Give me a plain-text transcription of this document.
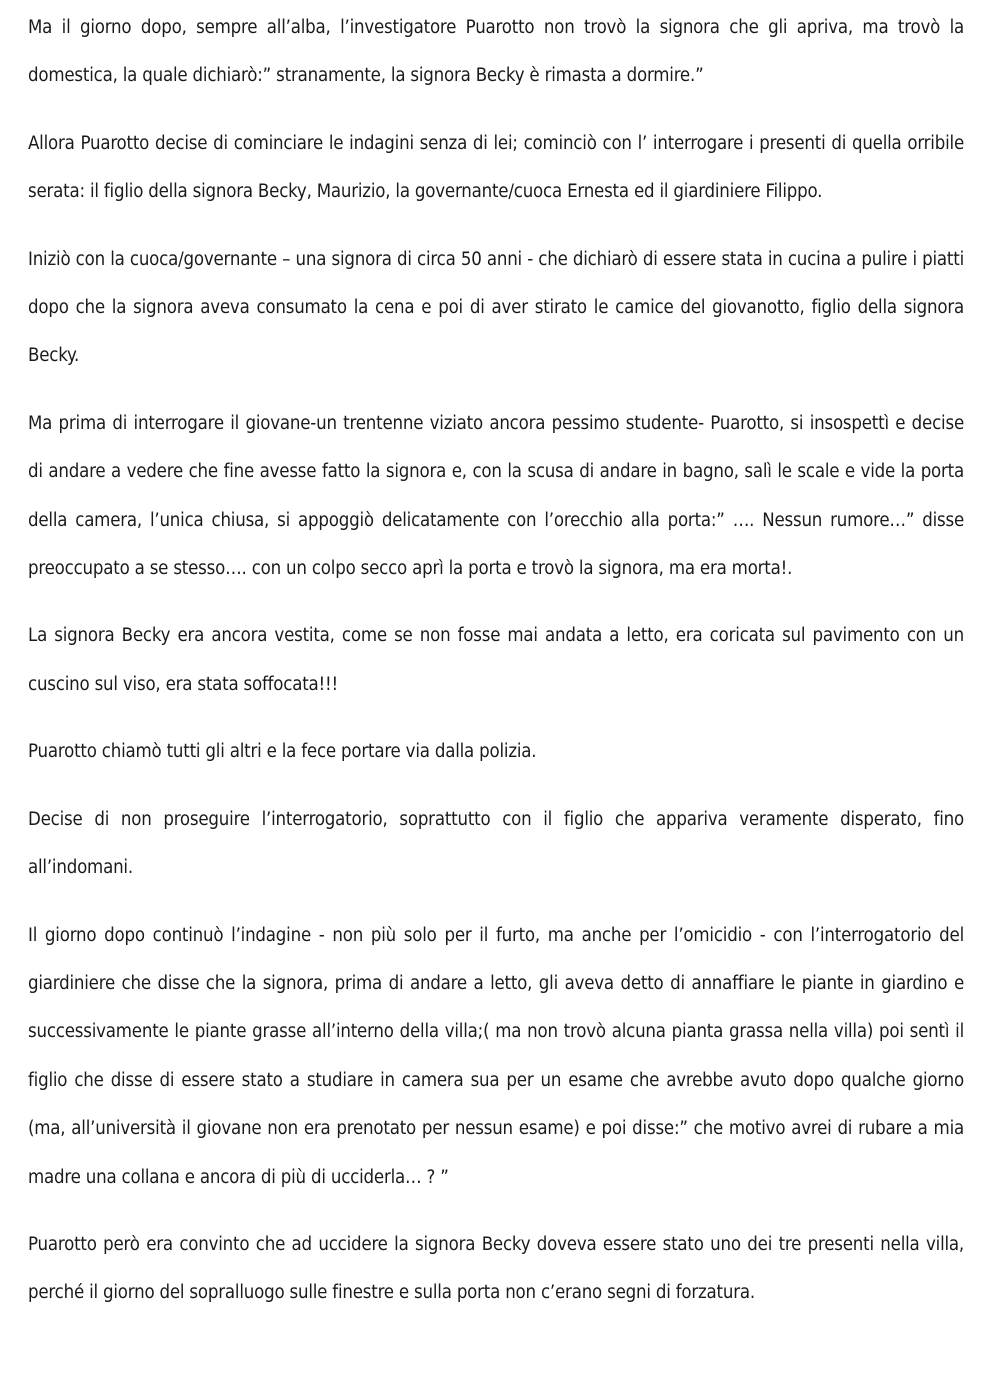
Ma il giorno dopo, sempre all’alba, l’investigatore Puarotto non trovò la signora che gli apriva, ma trovò la domestica, la quale dichiarò:” stranamente, la signora Becky è rimasta a dormire.”

Allora Puarotto decise di cominciare le indagini senza di lei; cominciò con l’ interrogare i presenti di quella orribile serata: il figlio della signora Becky, Maurizio, la governante/cuoca Ernesta ed il giardiniere Filippo.

Iniziò con la cuoca/governante – una signora di circa 50 anni - che dichiarò di essere stata in cucina a pulire i piatti dopo che la signora aveva consumato la cena e poi di aver stirato le camice del giovanotto, figlio della signora Becky.

Ma prima di interrogare il giovane-un trentenne viziato ancora pessimo studente- Puarotto, si insospettì e decise di andare a vedere che fine avesse fatto la signora e, con la scusa di andare in bagno, salì le scale e vide la porta della camera, l’unica chiusa, si appoggiò delicatamente con l’orecchio alla porta:” …. Nessun rumore…” disse preoccupato a se stesso…. con un colpo secco aprì la porta e trovò la signora, ma era morta!.

La signora Becky era ancora vestita, come se non fosse mai andata a letto, era coricata sul pavimento con un cuscino sul viso, era stata soffocata!!!

Puarotto chiamò tutti gli altri e la fece portare via dalla polizia.

Decise di non proseguire l’interrogatorio, soprattutto con il figlio che appariva veramente disperato, fino all’indomani.

Il giorno dopo continuò l’indagine - non più solo per il furto, ma anche per l’omicidio - con l’interrogatorio del giardiniere che disse che la signora, prima di andare a letto, gli aveva detto di annaffiare le piante in giardino e successivamente le piante grasse all’interno della villa;( ma non trovò alcuna pianta grassa nella villa) poi sentì il figlio che disse di essere stato a studiare in camera sua per un esame che avrebbe avuto dopo qualche giorno (ma, all’università il giovane non era prenotato per nessun esame) e poi disse:” che motivo avrei di rubare a mia madre una collana e ancora di più di ucciderla… ? ”

Puarotto però era convinto che ad uccidere la signora Becky doveva essere stato uno dei tre presenti nella villa, perché il giorno del sopralluogo sulle finestre e sulla porta non c’erano segni di forzatura.
